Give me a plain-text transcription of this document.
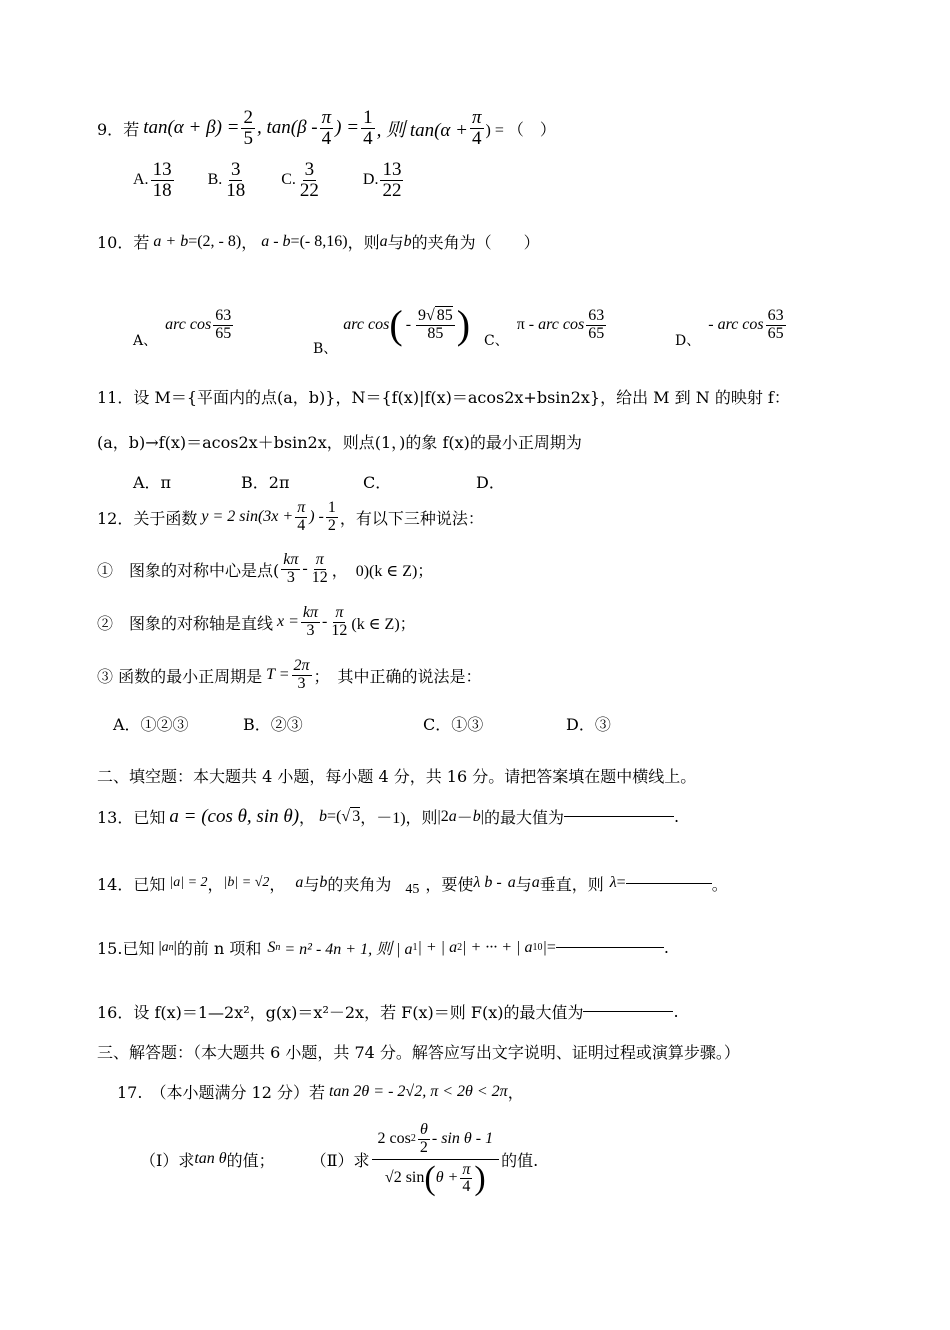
9． 若 $\tan(\alpha + \beta) = \frac{2}{5}$ , $\tan(\beta - \frac{\pi}{4}$ ) = $\frac{1}{4}$ , 则 $\tan(\alpha + \frac{\pi}{4}$ ) = （　）
A. $\frac{13}{18} B$. $\frac{3}{18} C$. $\frac{3}{22}$	D. $\frac{13}{22}$
10． 若 a + b =(2, - 8) ， a - b =(- 8,16) ，则 a 与 b 的夹角为（　　）
A、
arc $\cos \frac{63}{65}$
B、
arc cos ( - $\frac{9√ 85}{85}$ ) C、
π - arc $\cos \frac{63}{65}$	D、
- arc $\cos \frac{63}{65}$
11．设 M＝{平面内的点(a，b)}，N＝{f(x)|f(x)＝acos2x+bsin2x}，给出 M 到 N 的映射 f：
(a，b)→f(x)＝acos2x＋bsin2x，则点(1，)的象 f(x)的最小正周期为
A．π	B．2π	C．	D．
12． 关于函数 y = 2 $\sin(3x + \frac{\pi}{4}$ ) - $\frac{1}{2}$ ，有以下三种说法：
①　图象的对称中心是点( $\frac{k\pi}{3} - \frac{\pi}{12}$ ，　0)(k ∈ Z)；
②　图象的对称轴是直线 $x = \frac{k\pi}{3} - \frac{\pi}{12} (k$ ∈ Z)；
③ 函数的最小正周期是 $T = \frac{2\pi}{3}$ ；　其中正确的说法是：
A．①②③	B．②③	C．①③	D．③
二、填空题：本大题共 4 小题，每小题 4 分，共 16 分。请把答案填在题中横线上。
13．已知 a = (cos θ, sin θ) ， b =( √ 3 ，－1)，则 |2 a － b | 的最大值为	.
14．已知 |a| = 2 ， |b| = √2 ， a 与 b 的夹角为 45 ，要使 λ b - a 与 a 垂直，则 λ =	。
15.已知 | a n | 的前 n 项和 S n = n² - 4n + 1, 则 | a 1 | + | a 2 | + ··· + | a 10 | =	.
16．设 f(x)＝1—2x²，g(x)＝x²－2x，若 F(x)＝则 F(x)的最大值为	.
三、解答题：（本大题共 6 小题，共 74 分。解答应写出文字说明、证明过程或演算步骤。）
17.　（本小题满分 12 分）若 tan 2θ = - 2√2, π < 2θ < 2π ，
（Ⅰ）求 tan θ 的值； （Ⅱ）求 $\frac{2 \cos 2 \frac{\theta}{2} - \sin \theta - 1}{√2 \sin ( \theta + \frac{\pi}{4} )}$ 的值.
